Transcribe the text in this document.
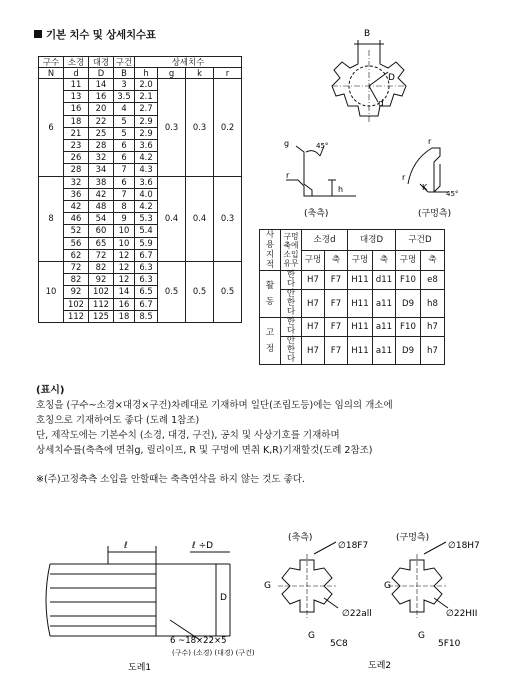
기본 치수 및 상세치수표
구수	소경	대경	구건	상세치수			
N	d	D	B	h	g	k	r
6	11	14	3	2.0	0.3	0.3	0.2
	13	16	3.5	2.1			
	16	20	4	2.7			
	18	22	5	2.9			
	21	25	5	2.9			
	23	28	6	3.6			
	26	32	6	4.2			
	28	34	7	4.3			
8	32	38	6	3.6	0.4	0.4	0.3
	36	42	7	4.0			
	42	48	8	4.2			
	46	54	9	5.3			
	52	60	10	5.4			
	56	65	10	5.9			
	62	72	12	6.7			
10	72	82	12	6.3	0.5	0.5	0.5
	82	92	12	6.3			
	92	102	14	6.5			
	102	112	16	6.7			
	112	125	18	8.5			
B
D
d
g	45°
r
h
(축측)
r
r
K
45°
(구멍측)
사용지적	구멍축에소입유무	소경d		대경D		구건D	
		구멍	축	구멍	축	구멍	축
활동	한다	H7	F7	H11	d11	F10	e8
	안한다	H7	F7	H11	a11	D9	h8
고정	한다	H7	F7	H11	a11	F10	h7
	안한다	H7	F7	H11	a11	D9	h7
(표시)
호칭을 (구수~소경×대경×구건)차례대로 기재하며 일단(조립도등)에는 임의의 개소에
호칭으로 기재하여도 좋다 (도례 1참조)
단, 제작도에는 기본수치 (소경, 대경, 구건), 공치 및 사상기호를 기재하며
상세치수를(축측에 면취g, 릴리이프, R 및 구멍에 면취 K,R)기재할것(도례 2참조)
※(주)고정축측 소입을 안할때는 축측연삭을 하지 않는 것도 좋다.
ℓ	ℓ ÷D
D
6 ~18×22×5
(구수) (소경) (대경) (구건)
도례1
(축측)	(구멍측)
∅18F7	∅18H7
∅22all	∅22HII
5C8	5F10
G
G
G
G
도례2
